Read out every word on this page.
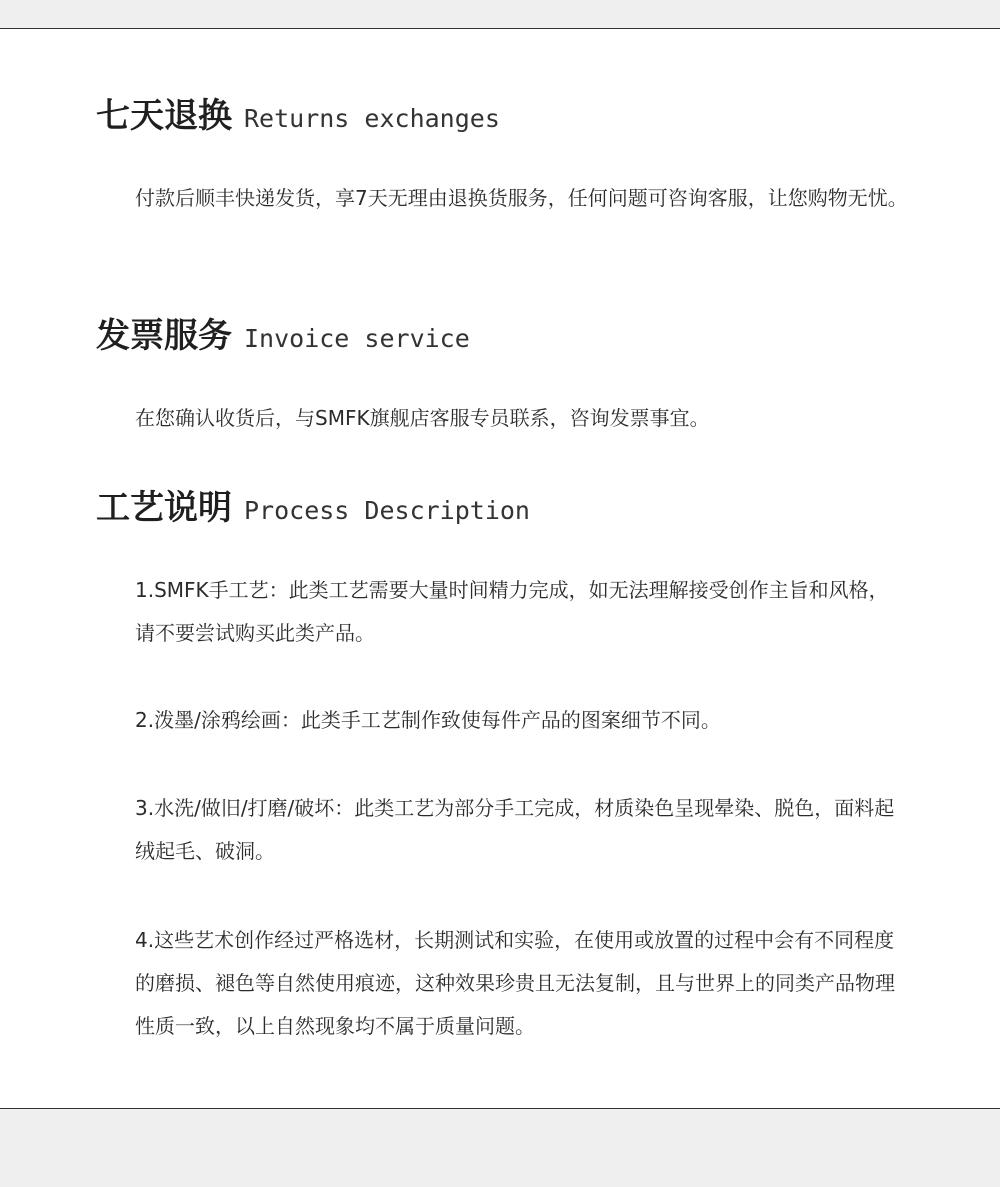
七天退换 Returns exchanges

付款后顺丰快递发货，享7天无理由退换货服务，任何问题可咨询客服，让您购物无忧。

发票服务 Invoice service

在您确认收货后，与SMFK旗舰店客服专员联系，咨询发票事宜。

工艺说明 Process Description

1.SMFK手工艺：此类工艺需要大量时间精力完成，如无法理解接受创作主旨和风格， 请不要尝试购买此类产品。

2.泼墨/涂鸦绘画：此类手工艺制作致使每件产品的图案细节不同。

3.水洗/做旧/打磨/破坏：此类工艺为部分手工完成，材质染色呈现晕染、脱色，面料起绒起毛、破洞。

4.这些艺术创作经过严格选材，长期测试和实验，在使用或放置的过程中会有不同程度的磨损、褪色等自然使用痕迹，这种效果珍贵且无法复制，且与世界上的同类产品物理性质一致，以上自然现象均不属于质量问题。
